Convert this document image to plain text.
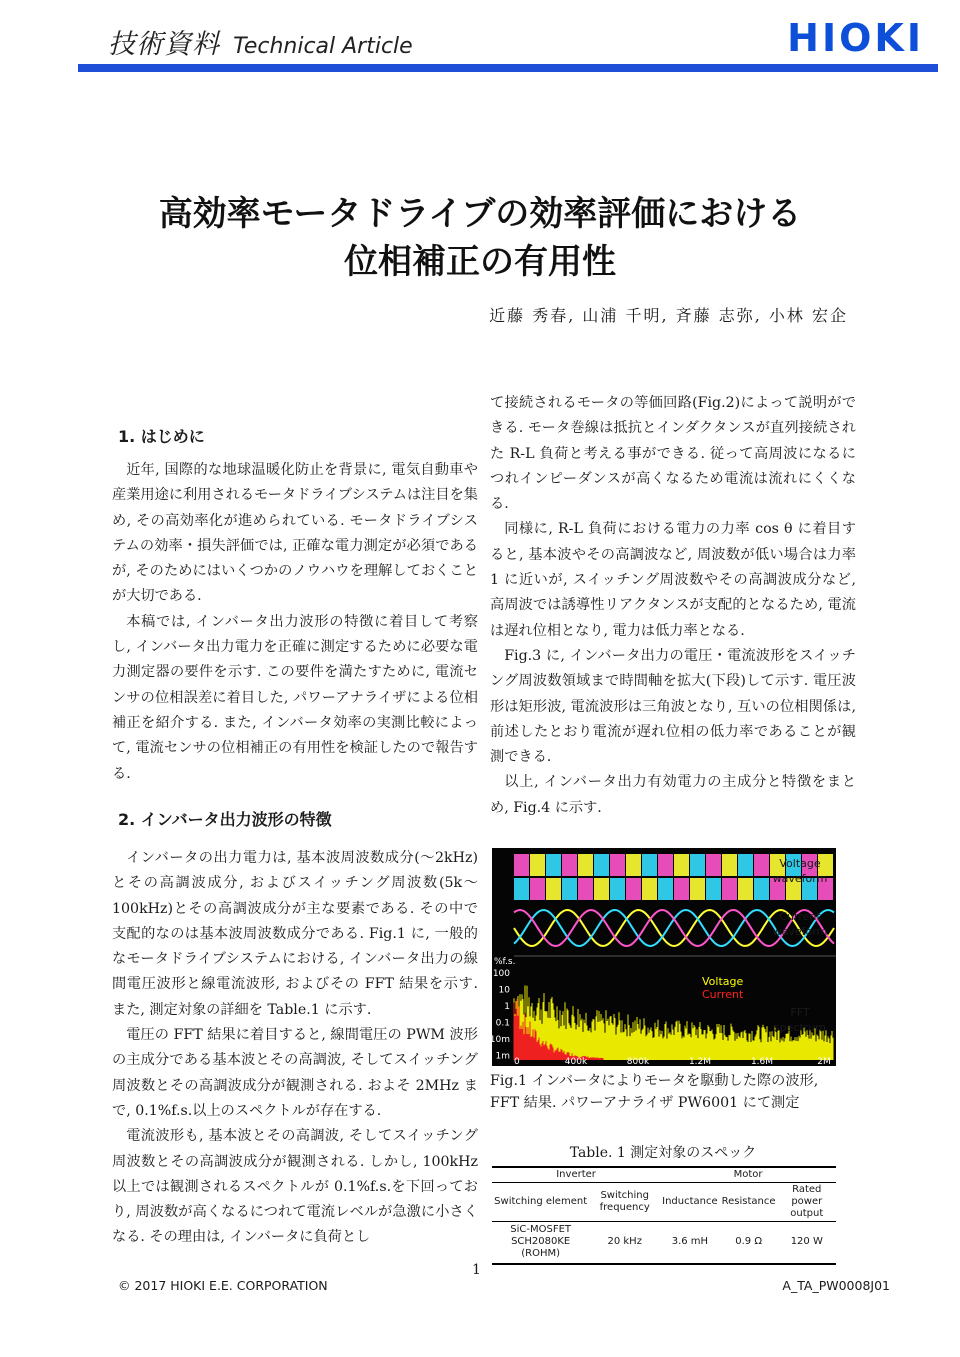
技術資料 Technical Article	HIOKI
高効率モータドライブの効率評価における
位相補正の有用性
近藤 秀春, 山浦 千明, 斉藤 志弥, 小林 宏企
1. はじめに
2. インバータ出力波形の特徴

近年, 国際的な地球温暖化防止を背景に, 電気自動車や産業用途に利用されるモータドライブシステムは注目を集め, その高効率化が進められている. モータドライブシステムの効率・損失評価では, 正確な電力測定が必須であるが, そのためにはいくつかのノウハウを理解しておくことが大切である.

本稿では, インバータ出力波形の特徴に着目して考察し, インバータ出力電力を正確に測定するために必要な電力測定器の要件を示す. この要件を満たすために, 電流センサの位相誤差に着目した, パワーアナライザによる位相補正を紹介する. また, インバータ効率の実測比較によって, 電流センサの位相補正の有用性を検証したので報告する.

インバータの出力電力は, 基本波周波数成分(～2kHz)とその高調波成分, およびスイッチング周波数(5k～100kHz)とその高調波成分が主な要素である. その中で支配的なのは基本波周波数成分である. Fig.1 に, 一般的なモータドライブシステムにおける, インバータ出力の線間電圧波形と線電流波形, およびその FFT 結果を示す. また, 測定対象の詳細を Table.1 に示す.

電圧の FFT 結果に着目すると, 線間電圧の PWM 波形の主成分である基本波とその高調波, そしてスイッチング周波数とその高調波成分が観測される. およそ 2MHz まで, 0.1%f.s.以上のスペクトルが存在する.

電流波形も, 基本波とその高調波, そしてスイッチング周波数とその高調波成分が観測される. しかし, 100kHz 以上では観測されるスペクトルが 0.1%f.s.を下回っており, 周波数が高くなるにつれて電流レベルが急激に小さくなる. その理由は, インバータに負荷とし

て接続されるモータの等価回路(Fig.2)によって説明ができる. モータ巻線は抵抗とインダクタンスが直列接続された R-L 負荷と考える事ができる. 従って高周波になるにつれインピーダンスが高くなるため電流は流れにくくなる.

同様に, R-L 負荷における電力の力率 cos θ に着目すると, 基本波やその高調波など, 周波数が低い場合は力率 1 に近いが, スイッチング周波数やその高調波成分など, 高周波では誘導性リアクタンスが支配的となるため, 電流は遅れ位相となり, 電力は低力率となる.

Fig.3 に, インバータ出力の電圧・電流波形をスイッチング周波数領域まで時間軸を拡大(下段)して示す. 電圧波形は矩形波, 電流波形は三角波となり, 互いの位相関係は, 前述したとおり電流が遅れ位相の低力率であることが観測できる.

以上, インバータ出力有効電力の主成分と特徴をまとめ, Fig.4 に示す.

%f.s.
100
10
1
0.1
10m
1m
0	400k	800k	1.2M	1.6M	2M
Voltage
Current
Voltage waveform
Current waveform
FFT spectrum
Fig.1 インバータによりモータを駆動した際の波形, FFT 結果. パワーアナライザ PW6001 にて測定
Table. 1 測定対象のスペック
Inverter		Motor		
Switching element	Switching frequency	Inductance	Resistance	Rated power output
SiC-MOSFET SCH2080KE (ROHM)	20 kHz	3.6 mH	0.9 Ω	120 W
1
© 2017 HIOKI E.E. CORPORATION	A_TA_PW0008J01
